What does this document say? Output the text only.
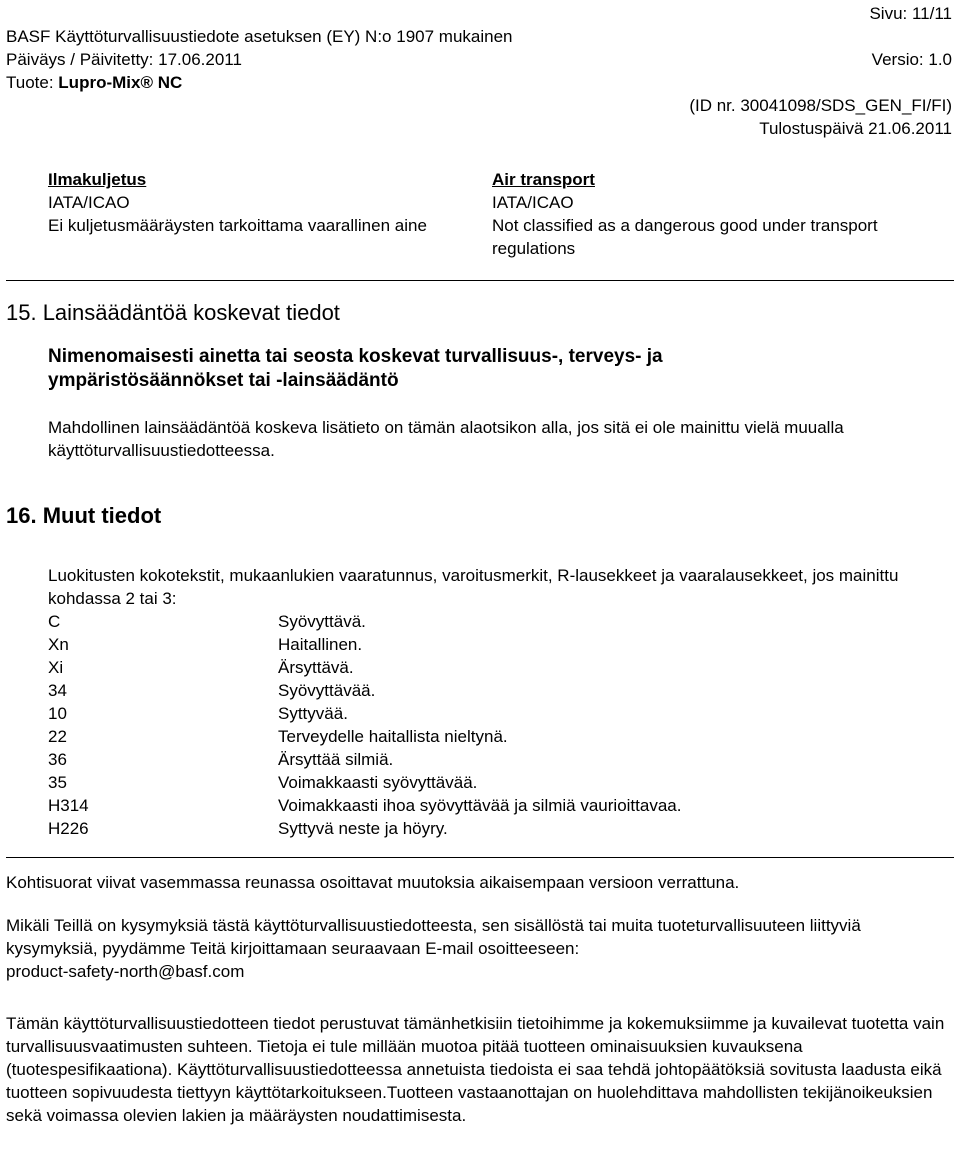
Sivu: 11/11
BASF Käyttöturvallisuustiedote asetuksen (EY) N:o 1907 mukainen
Päiväys / Päivitetty: 17.06.2011	Versio: 1.0
Tuote: Lupro-Mix® NC
(ID nr. 30041098/SDS_GEN_FI/FI)
Tulostuspäivä 21.06.2011
Ilmakuljetus
IATA/ICAO
Ei kuljetusmääräysten tarkoittama vaarallinen aine
Air transport
IATA/ICAO
Not classified as a dangerous good under transport regulations
15. Lainsäädäntöä koskevat tiedot
Nimenomaisesti ainetta tai seosta koskevat turvallisuus-, terveys- ja ympäristösäännökset tai -lainsäädäntö
Mahdollinen lainsäädäntöä koskeva lisätieto on tämän alaotsikon alla, jos sitä ei ole mainittu vielä muualla käyttöturvallisuustiedotteessa.
16. Muut tiedot
Luokitusten kokotekstit, mukaanlukien vaaratunnus, varoitusmerkit, R-lausekkeet ja vaaralausekkeet, jos mainittu kohdassa 2 tai 3:
C	Syövyttävä.
Xn	Haitallinen.
Xi	Ärsyttävä.
34	Syövyttävää.
10	Syttyvää.
22	Terveydelle haitallista nieltynä.
36	Ärsyttää silmiä.
35	Voimakkaasti syövyttävää.
H314	Voimakkaasti ihoa syövyttävää ja silmiä vaurioittavaa.
H226	Syttyvä neste ja höyry.
Kohtisuorat viivat vasemmassa reunassa osoittavat muutoksia aikaisempaan versioon verrattuna.
Mikäli Teillä on kysymyksiä tästä käyttöturvallisuustiedotteesta, sen sisällöstä tai muita tuoteturvallisuuteen liittyviä kysymyksiä, pyydämme Teitä kirjoittamaan seuraavaan E-mail osoitteeseen:
product-safety-north@basf.com
Tämän käyttöturvallisuustiedotteen tiedot perustuvat tämänhetkisiin tietoihimme ja kokemuksiimme ja kuvailevat tuotetta vain turvallisuusvaatimusten suhteen. Tietoja ei tule millään muotoa pitää tuotteen ominaisuuksien kuvauksena (tuotespesifikaationa). Käyttöturvallisuustiedotteessa annetuista tiedoista ei saa tehdä johtopäätöksiä sovitusta laadusta eikä tuotteen sopivuudesta tiettyyn käyttötarkoitukseen.Tuotteen vastaanottajan on huolehdittava mahdollisten tekijänoikeuksien sekä voimassa olevien lakien ja määräysten noudattimisesta.
